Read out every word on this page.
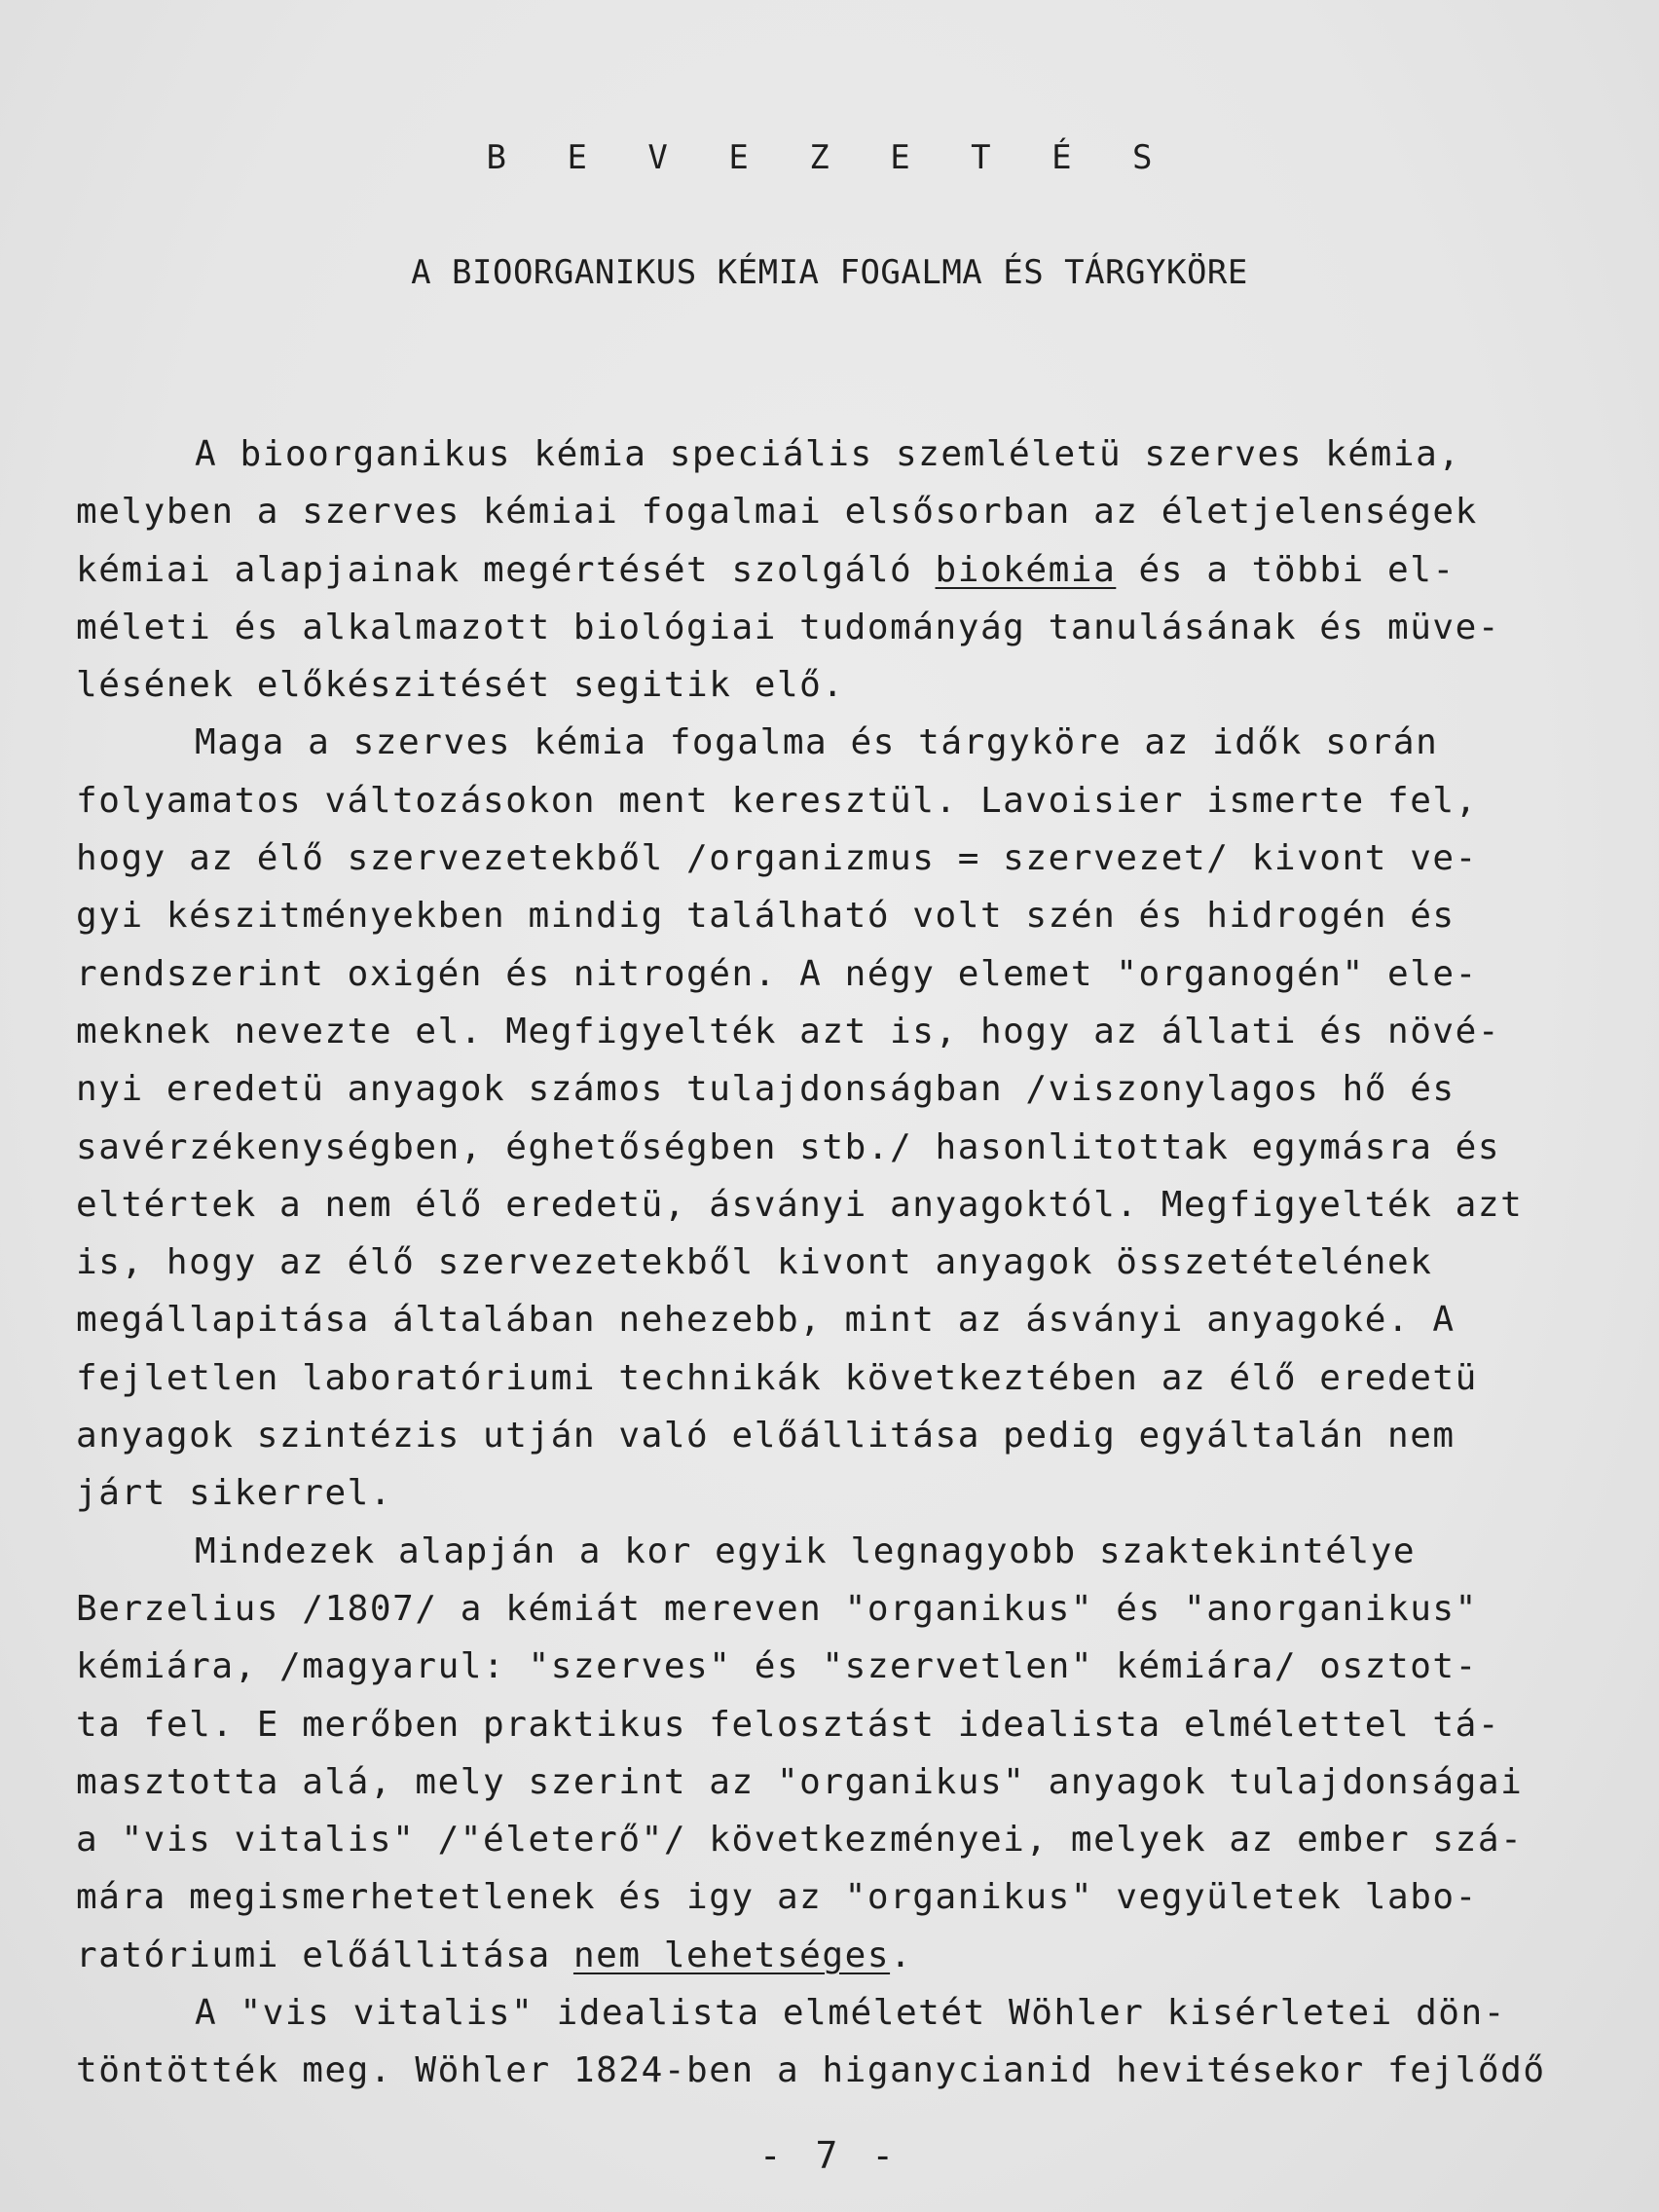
B E V E Z E T É S
A BIOORGANIKUS KÉMIA FOGALMA ÉS TÁRGYKÖRE
A bioorganikus kémia speciális szemléletü szerves kémia,
melyben a szerves kémiai fogalmai elsősorban az életjelenségek
kémiai alapjainak megértését szolgáló biokémia és a többi el-
méleti és alkalmazott biológiai tudományág tanulásának és müve-
lésének előkészitését segitik elő.
Maga a szerves kémia fogalma és tárgyköre az idők során
folyamatos változásokon ment keresztül. Lavoisier ismerte fel,
hogy az élő szervezetekből /organizmus = szervezet/ kivont ve-
gyi készitményekben mindig található volt szén és hidrogén és
rendszerint oxigén és nitrogén. A négy elemet "organogén" ele-
meknek nevezte el. Megfigyelték azt is, hogy az állati és növé-
nyi eredetü anyagok számos tulajdonságban /viszonylagos hő és
savérzékenységben, éghetőségben stb./ hasonlitottak egymásra és
eltértek a nem élő eredetü, ásványi anyagoktól. Megfigyelték azt
is, hogy az élő szervezetekből kivont anyagok összetételének
megállapitása általában nehezebb, mint az ásványi anyagoké. A
fejletlen laboratóriumi technikák következtében az élő eredetü
anyagok szintézis utján való előállitása pedig egyáltalán nem
járt sikerrel.
Mindezek alapján a kor egyik legnagyobb szaktekintélye
Berzelius /1807/ a kémiát mereven "organikus" és "anorganikus"
kémiára, /magyarul: "szerves" és "szervetlen" kémiára/ osztot-
ta fel. E merőben praktikus felosztást idealista elmélettel tá-
masztotta alá, mely szerint az "organikus" anyagok tulajdonságai
a "vis vitalis" /"életerő"/ következményei, melyek az ember szá-
mára megismerhetetlenek és igy az "organikus" vegyületek labo-
ratóriumi előállitása nem lehetséges.
A "vis vitalis" idealista elméletét Wöhler kisérletei dön-
töntötték meg. Wöhler 1824-ben a higanycianid hevitésekor fejlődő
- 7 -
